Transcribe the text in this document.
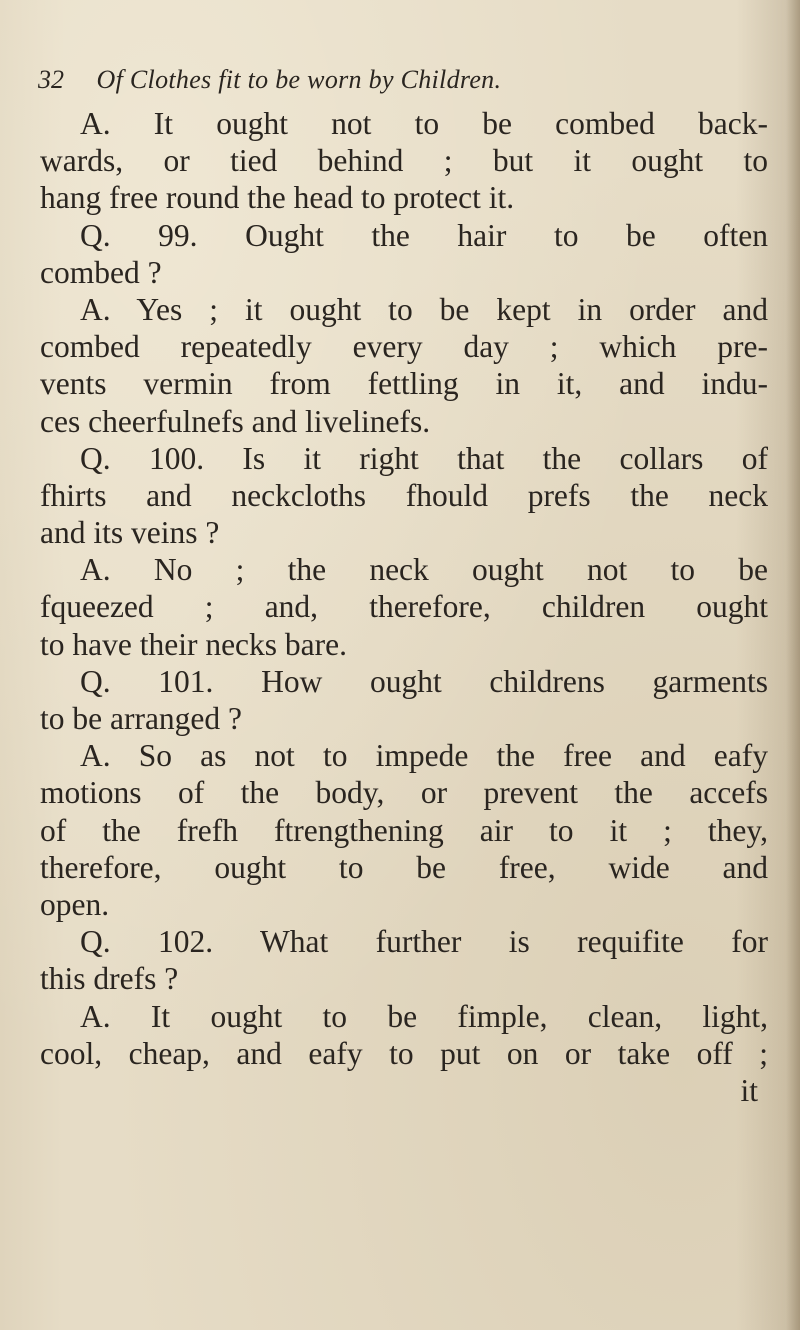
32 Of Clothes fit to be worn by Children.
A. It ought not to be combed back-
wards, or tied behind ; but it ought to
hang free round the head to protect it.
Q. 99. Ought the hair to be often
combed ?
A. Yes ; it ought to be kept in order and
combed repeatedly every day ; which pre-
vents vermin from fettling in it, and indu-
ces cheerfulnefs and livelinefs.
Q. 100. Is it right that the collars of
fhirts and neckcloths fhould prefs the neck
and its veins ?
A. No ; the neck ought not to be
fqueezed ; and, therefore, children ought
to have their necks bare.
Q. 101. How ought childrens garments
to be arranged ?
A. So as not to impede the free and eafy
motions of the body, or prevent the accefs
of the frefh ftrengthening air to it ; they,
therefore, ought to be free, wide and
open.
Q. 102. What further is requifite for
this drefs ?
A. It ought to be fimple, clean, light,
cool, cheap, and eafy to put on or take off ;
it
